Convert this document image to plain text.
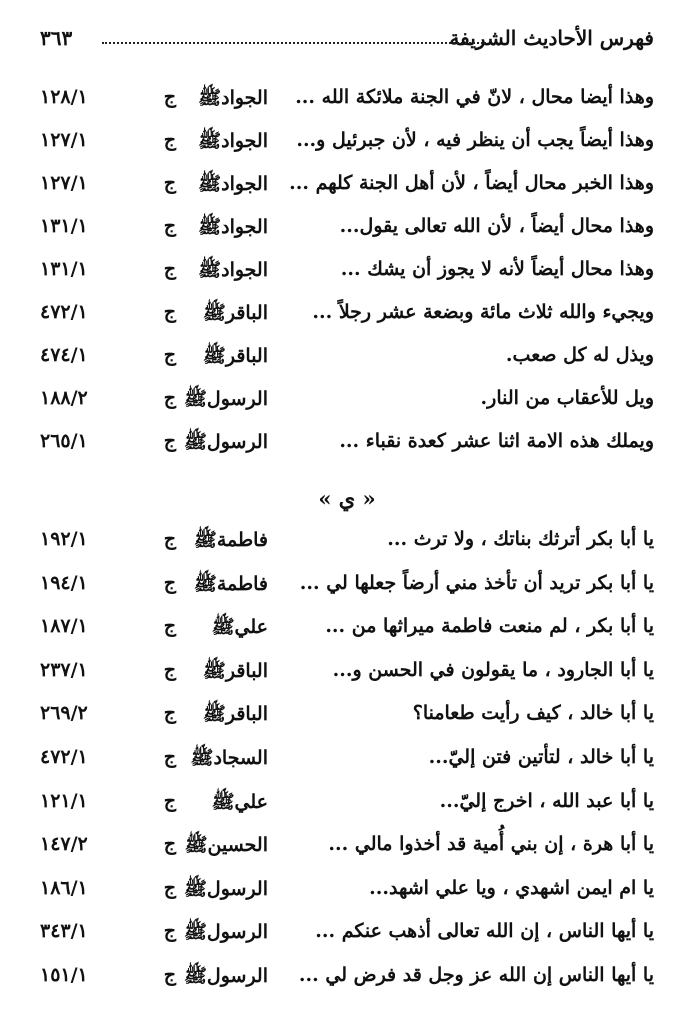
فهرس الأحاديث الشريفة
٣٦٣
وهذا أيضا محال ، لانّ في الجنة ملائكة الله ...
الجوادﷺ
ج
١٢٨/١
وهذا أيضاً يجب أن ينظر فيه ، لأن جبرئيل و...
الجوادﷺ
ج
١٢٧/١
وهذا الخبر محال أيضاً ، لأن أهل الجنة كلهم ...
الجوادﷺ
ج
١٢٧/١
وهذا محال أيضاً ، لأن الله تعالى يقول...
الجوادﷺ
ج
١٣١/١
وهذا محال أيضاً لأنه لا يجوز أن يشك ...
الجوادﷺ
ج
١٣١/١
ويجيء والله ثلاث مائة وبضعة عشر رجلاً ...
الباقرﷺ
ج
٤٧٢/١
ويذل له كل صعب.
الباقرﷺ
ج
٤٧٤/١
ويل للأعقاب من النار.
الرسولﷺ
ج
١٨٨/٢
ويملك هذه الامة اثنا عشر كعدة نقباء ...
الرسولﷺ
ج
٢٦٥/١
« ي »
يا أبا بكر أترثك بناتك ، ولا ترث ...
فاطمةﷺ
ج
١٩٢/١
يا أبا بكر تريد أن تأخذ مني أرضاً جعلها لي ...
فاطمةﷺ
ج
١٩٤/١
يا أبا بكر ، لم منعت فاطمة ميراثها من ...
عليﷺ
ج
١٨٧/١
يا أبا الجارود ، ما يقولون في الحسن و...
الباقرﷺ
ج
٢٣٧/١
يا أبا خالد ، كيف رأيت طعامنا؟
الباقرﷺ
ج
٢٦٩/٢
يا أبا خالد ، لتأتين فتن إليّ...
السجادﷺ
ج
٤٧٢/١
يا أبا عبد الله ، اخرج إليّ...
عليﷺ
ج
١٢١/١
يا أبا هرة ، إن بني أُمية قد أخذوا مالي ...
الحسينﷺ
ج
١٤٧/٢
يا ام ايمن اشهدي ، ويا علي اشهد...
الرسولﷺ
ج
١٨٦/١
يا أيها الناس ، إن الله تعالى أذهب عنكم ...
الرسولﷺ
ج
٣٤٣/١
يا أيها الناس إن الله عز وجل قد فرض لي ...
الرسولﷺ
ج
١٥١/١
